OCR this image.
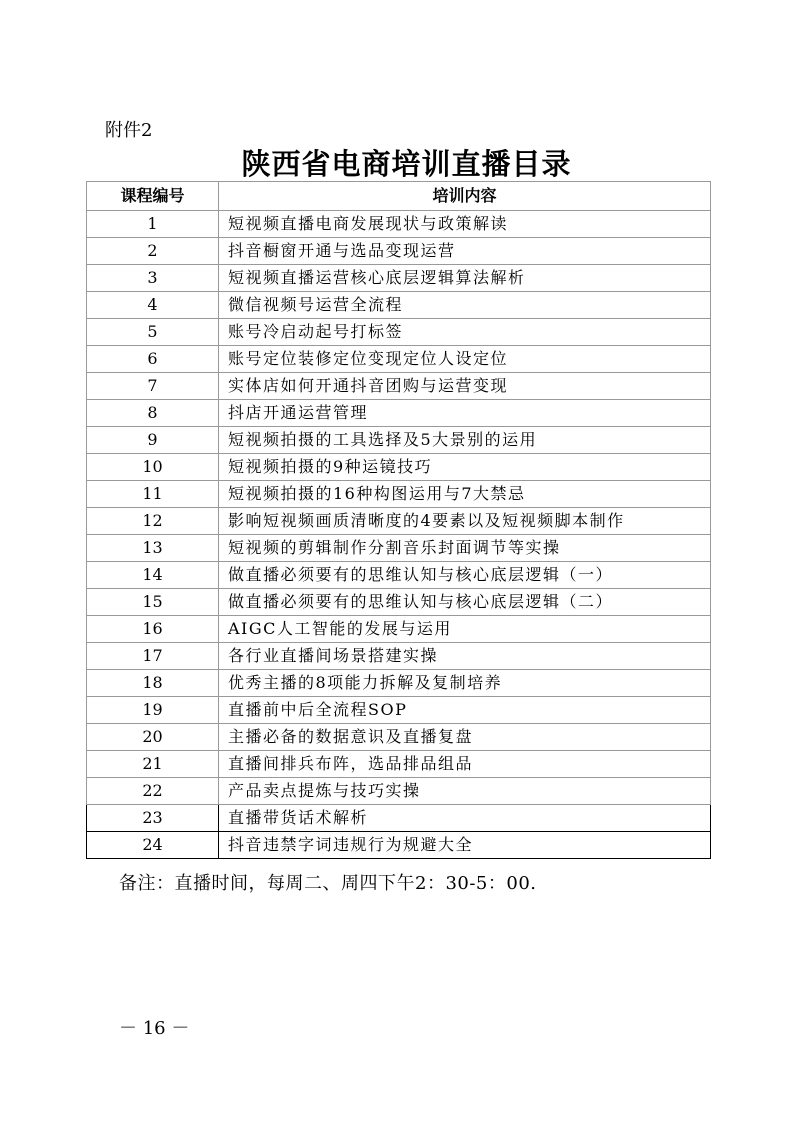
附件2
陕西省电商培训直播目录
课程编号	培训内容
1	短视频直播电商发展现状与政策解读
2	抖音橱窗开通与选品变现运营
3	短视频直播运营核心底层逻辑算法解析
4	微信视频号运营全流程
5	账号冷启动起号打标签
6	账号定位装修定位变现定位人设定位
7	实体店如何开通抖音团购与运营变现
8	抖店开通运营管理
9	短视频拍摄的工具选择及5大景别的运用
10	短视频拍摄的9种运镜技巧
11	短视频拍摄的16种构图运用与7大禁忌
12	影响短视频画质清晰度的4要素以及短视频脚本制作
13	短视频的剪辑制作分割音乐封面调节等实操
14	做直播必须要有的思维认知与核心底层逻辑（一）
15	做直播必须要有的思维认知与核心底层逻辑（二）
16	AIGC人工智能的发展与运用
17	各行业直播间场景搭建实操
18	优秀主播的8项能力拆解及复制培养
19	直播前中后全流程SOP
20	主播必备的数据意识及直播复盘
21	直播间排兵布阵，选品排品组品
22	产品卖点提炼与技巧实操
23	直播带货话术解析
24	抖音违禁字词违规行为规避大全
备注：直播时间，每周二、周四下午2：30-5：00.
－ 16 －
